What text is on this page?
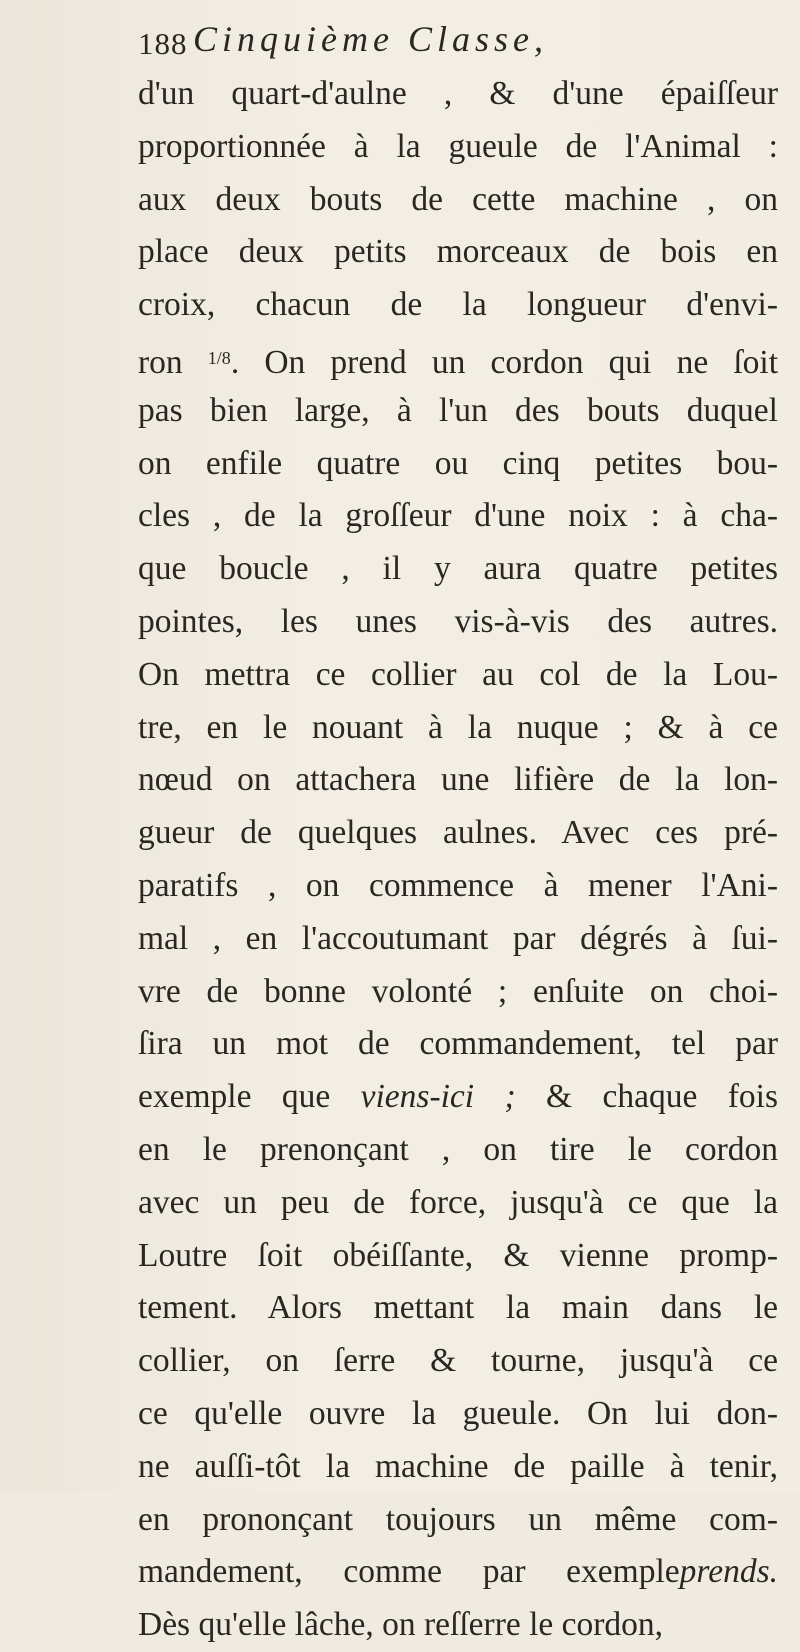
188 Cinquième Classe,
d'un quart-d'aulne , & d'une épaiſſeur
proportionnée à la gueule de l'Animal :
aux deux bouts de cette machine , on
place deux petits morceaux de bois en
croix, chacun de la longueur d'envi-
ron $^{1/8}$. On prend un cordon qui ne ſoit
pas bien large, à l'un des bouts duquel
on enfile quatre ou cinq petites bou-
cles , de la groſſeur d'une noix : à cha-
que boucle , il y aura quatre petites
pointes, les unes vis-à-vis des autres.
On mettra ce collier au col de la Lou-
tre, en le nouant à la nuque ; & à ce
nœud on attachera une lifière de la lon-
gueur de quelques aulnes. Avec ces pré-
paratifs , on commence à mener l'Ani-
mal , en l'accoutumant par dégrés à ſui-
vre de bonne volonté ; enſuite on choi-
ſira un mot de commandement, tel par
exemple que viens-ici ; & chaque fois
en le prenonçant , on tire le cordon
avec un peu de force, jusqu'à ce que la
Loutre ſoit obéiſſante, & vienne promp-
tement. Alors mettant la main dans le
collier, on ſerre & tourne, jusqu'à ce
ce qu'elle ouvre la gueule. On lui don-
ne auſſi-tôt la machine de paille à tenir,
en prononçant toujours un même com-
mandement, comme par exempleprends.
Dès qu'elle lâche, on reſſerre le cordon,
